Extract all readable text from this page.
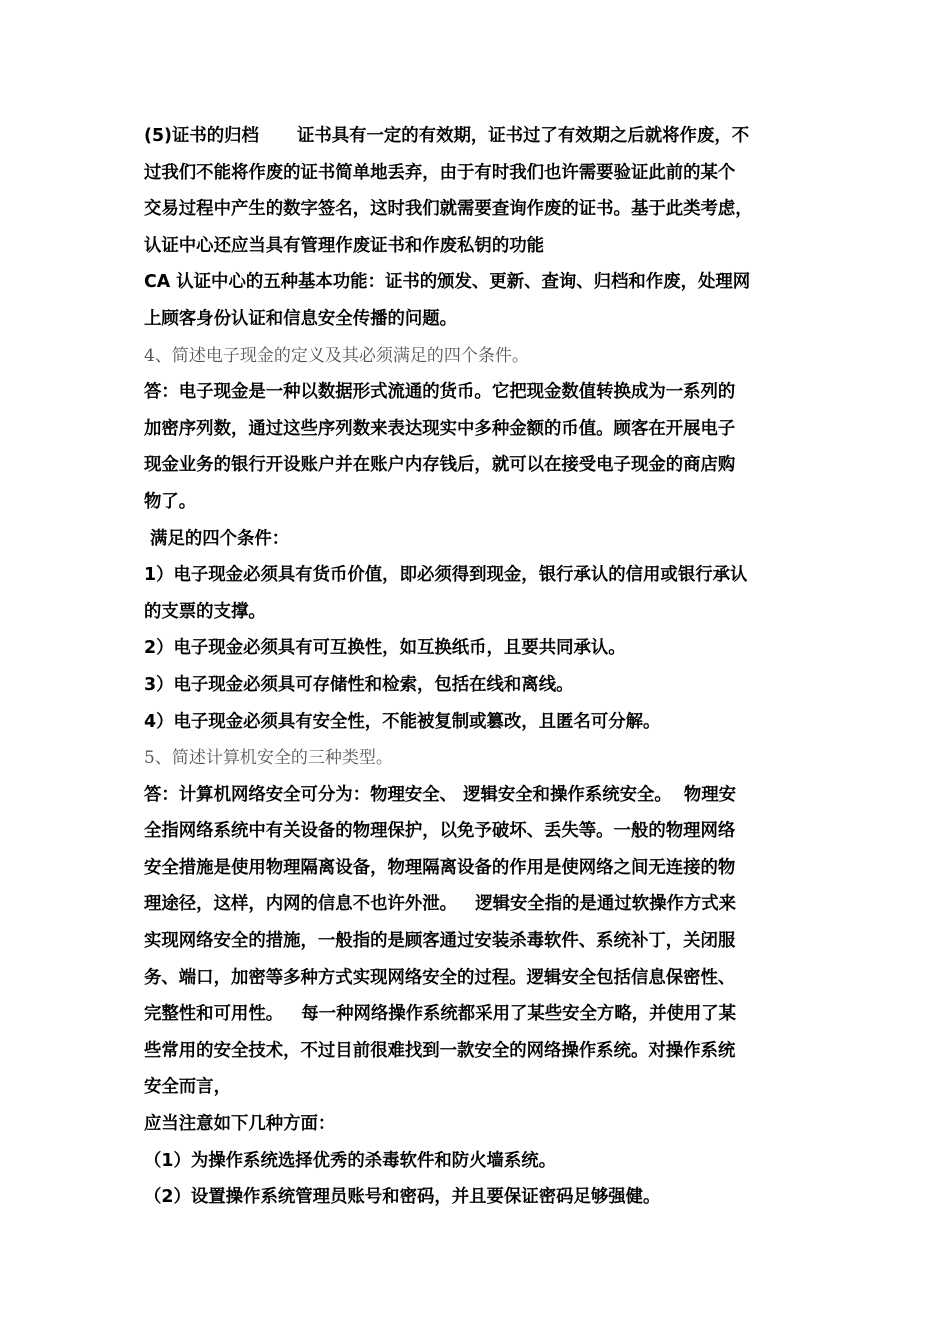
(5)证书的归档 证书具有一定的有效期，证书过了有效期之后就将作废，不
过我们不能将作废的证书简单地丢弃，由于有时我们也许需要验证此前的某个
交易过程中产生的数字签名，这时我们就需要查询作废的证书。基于此类考虑，
认证中心还应当具有管理作废证书和作废私钥的功能
CA 认证中心的五种基本功能：证书的颁发、更新、查询、归档和作废，处理网
上顾客身份认证和信息安全传播的问题。
4、简述电子现金的定义及其必须满足的四个条件。
答：电子现金是一种以数据形式流通的货币。它把现金数值转换成为一系列的
加密序列数，通过这些序列数来表达现实中多种金额的币值。顾客在开展电子
现金业务的银行开设账户并在账户内存钱后，就可以在接受电子现金的商店购
物了。
满足的四个条件：
1）电子现金必须具有货币价值，即必须得到现金，银行承认的信用或银行承认
的支票的支撑。
2）电子现金必须具有可互换性，如互换纸币，且要共同承认。
3）电子现金必须具可存储性和检索，包括在线和离线。
4）电子现金必须具有安全性，不能被复制或篡改，且匿名可分解。
5、简述计算机安全的三种类型。
答：计算机网络安全可分为：物理安全、 逻辑安全和操作系统安全。  物理安
全指网络系统中有关设备的物理保护，以免予破坏、丢失等。一般的物理网络
安全措施是使用物理隔离设备，物理隔离设备的作用是使网络之间无连接的物
理途径，这样，内网的信息不也许外泄。   逻辑安全指的是通过软操作方式来
实现网络安全的措施，一般指的是顾客通过安装杀毒软件、系统补丁，关闭服
务、端口，加密等多种方式实现网络安全的过程。逻辑安全包括信息保密性、
完整性和可用性。   每一种网络操作系统都采用了某些安全方略，并使用了某
些常用的安全技术，不过目前很难找到一款安全的网络操作系统。对操作系统
安全而言，
应当注意如下几种方面：
（1）为操作系统选择优秀的杀毒软件和防火墙系统。
（2）设置操作系统管理员账号和密码，并且要保证密码足够强健。
